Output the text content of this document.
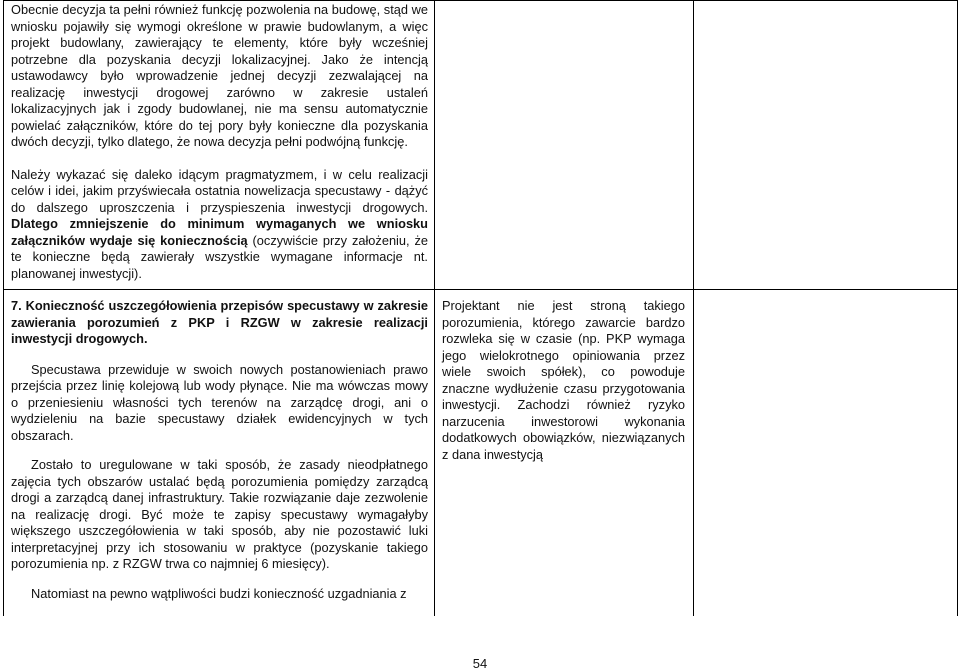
Obecnie decyzja ta pełni również funkcję pozwolenia na budowę, stąd we wniosku pojawiły się wymogi określone w prawie budowlanym, a więc projekt budowlany, zawierający te elementy, które były wcześniej potrzebne dla pozyskania decyzji lokalizacyjnej. Jako że intencją ustawodawcy było wprowadzenie jednej decyzji zezwalającej na realizację inwestycji drogowej zarówno w zakresie ustaleń lokalizacyjnych jak i zgody budowlanej, nie ma sensu automatycznie powielać załączników, które do tej pory były konieczne dla pozyskania dwóch decyzji, tylko dlatego, że nowa decyzja pełni podwójną funkcję.

Należy wykazać się daleko idącym pragmatyzmem, i w celu realizacji celów i idei, jakim przyświecała ostatnia nowelizacja specustawy - dążyć do dalszego uproszczenia i przyspieszenia inwestycji drogowych. Dlatego zmniejszenie do minimum wymaganych we wniosku załączników wydaje się koniecznością (oczywiście przy założeniu, że te konieczne będą zawierały wszystkie wymagane informacje nt. planowanej inwestycji).

7. Konieczność uszczegółowienia przepisów specustawy w zakresie zawierania porozumień z PKP i RZGW w zakresie realizacji inwestycji drogowych.

Specustawa przewiduje w swoich nowych postanowieniach prawo przejścia przez linię kolejową lub wody płynące. Nie ma wówczas mowy o przeniesieniu własności tych terenów na zarządcę drogi, ani o wydzieleniu na bazie specustawy działek ewidencyjnych w tych obszarach.

Zostało to uregulowane w taki sposób, że zasady nieodpłatnego zajęcia tych obszarów ustalać będą porozumienia pomiędzy zarządcą drogi a zarządcą danej infrastruktury. Takie rozwiązanie daje zezwolenie na realizację drogi. Być może te zapisy specustawy wymagałyby większego uszczegółowienia w taki sposób, aby nie pozostawić luki interpretacyjnej przy ich stosowaniu w praktyce (pozyskanie takiego porozumienia np. z RZGW trwa co najmniej 6 miesięcy).

Natomiast na pewno wątpliwości budzi konieczność uzgadniania z

Projektant nie jest stroną takiego porozumienia, którego zawarcie bardzo rozwleka się w czasie (np. PKP wymaga jego wielokrotnego opiniowania przez wiele swoich spółek), co powoduje znaczne wydłużenie czasu przygotowania inwestycji. Zachodzi również ryzyko narzucenia inwestorowi wykonania dodatkowych obowiązków, niezwiązanych z dana inwestycją

54
